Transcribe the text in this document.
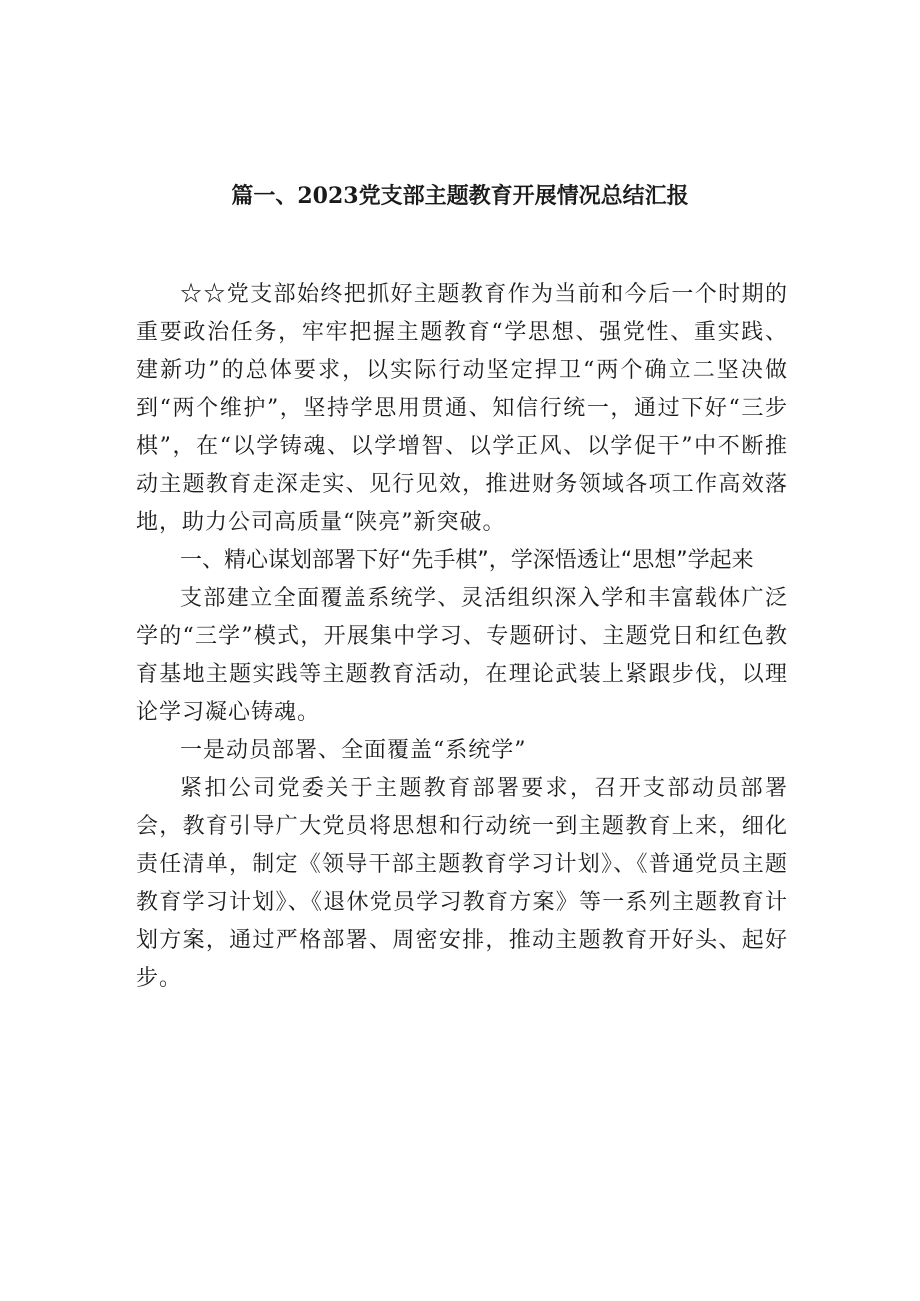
篇一、2023党支部主题教育开展情况总结汇报

☆☆党支部始终把抓好主题教育作为当前和今后一个时期的重要政治任务，牢牢把握主题教育“学思想、强党性、重实践、建新功”的总体要求，以实际行动坚定捍卫“两个确立二坚决做到“两个维护”，坚持学思用贯通、知信行统一，通过下好“三步棋”，在“以学铸魂、以学增智、以学正风、以学促干”中不断推动主题教育走深走实、见行见效，推进财务领域各项工作高效落地，助力公司高质量“陕亮”新突破。

一、精心谋划部署下好“先手棋”，学深悟透让“思想”学起来

支部建立全面覆盖系统学、灵活组织深入学和丰富载体广泛学的“三学”模式，开展集中学习、专题研讨、主题党日和红色教育基地主题实践等主题教育活动，在理论武装上紧跟步伐，以理论学习凝心铸魂。

一是动员部署、全面覆盖“系统学”

紧扣公司党委关于主题教育部署要求，召开支部动员部署会，教育引导广大党员将思想和行动统一到主题教育上来，细化责任清单，制定《领导干部主题教育学习计划》、《普通党员主题教育学习计划》、《退休党员学习教育方案》等一系列主题教育计划方案，通过严格部署、周密安排，推动主题教育开好头、起好步。
